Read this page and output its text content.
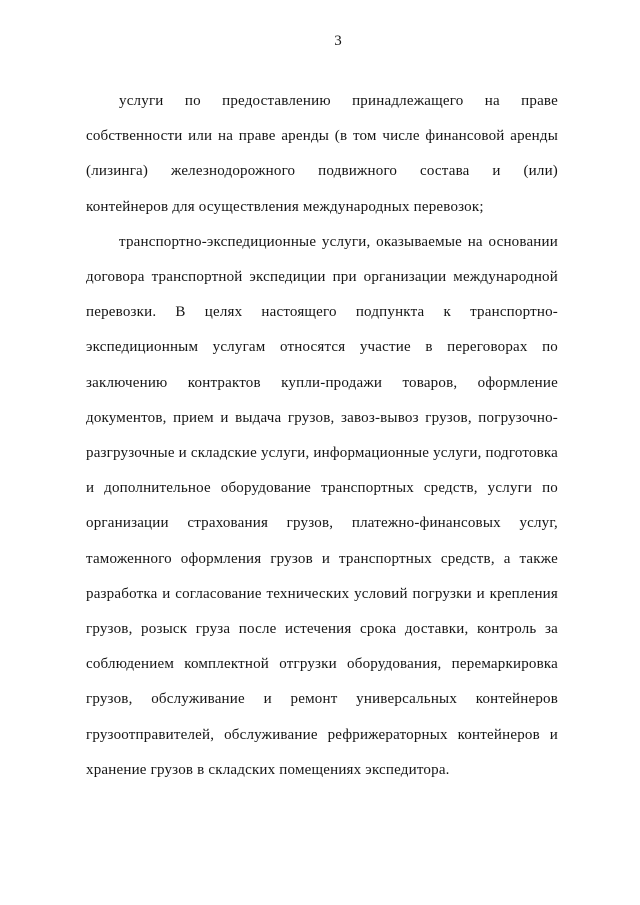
3
услуги по предоставлению принадлежащего на праве
собственности или на праве аренды (в том числе финансовой аренды
(лизинга) железнодорожного подвижного состава и (или)
контейнеров для осуществления международных перевозок;
транспортно-экспедиционные услуги, оказываемые на основании
договора транспортной экспедиции при организации международной
перевозки. В целях настоящего подпункта к транспортно-
экспедиционным услугам относятся участие в переговорах по
заключению контрактов купли-продажи товаров, оформление
документов, прием и выдача грузов, завоз-вывоз грузов, погрузочно-
разгрузочные и складские услуги, информационные услуги, подготовка
и дополнительное оборудование транспортных средств, услуги по
организации страхования грузов, платежно-финансовых услуг,
таможенного оформления грузов и транспортных средств, а также
разработка и согласование технических условий погрузки и крепления
грузов, розыск груза после истечения срока доставки, контроль за
соблюдением комплектной отгрузки оборудования, перемаркировка
грузов, обслуживание и ремонт универсальных контейнеров
грузоотправителей, обслуживание рефрижераторных контейнеров и
хранение грузов в складских помещениях экспедитора.
